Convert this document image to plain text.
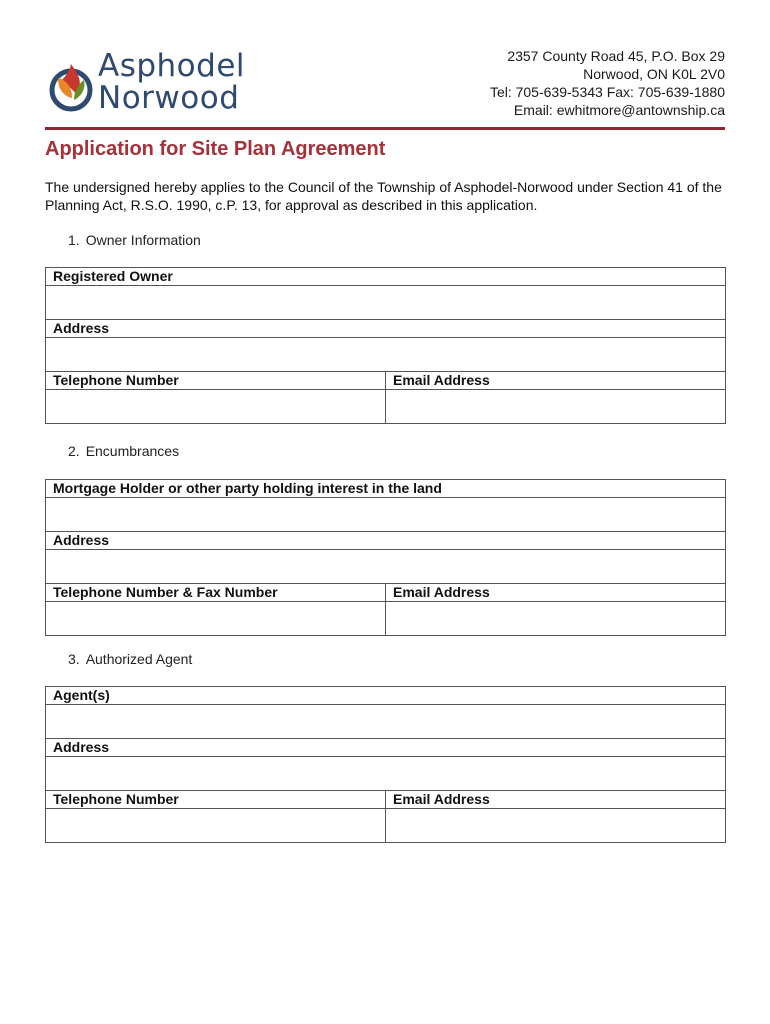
Asphodel
Norwood
2357 County Road 45, P.O. Box 29
Norwood, ON K0L 2V0
Tel: 705-639-5343 Fax: 705-639-1880
Email: ewhitmore@antownship.ca
Application for Site Plan Agreement
The undersigned hereby applies to the Council of the Township of Asphodel-Norwood under Section 41 of the Planning Act, R.S.O. 1990, c.P. 13, for approval as described in this application.
1. Owner Information
Registered Owner	

Address	

Telephone Number	Email Address

2. Encumbrances
Mortgage Holder or other party holding interest in the land	

Address	

Telephone Number & Fax Number	Email Address

3. Authorized Agent
Agent(s)	

Address	

Telephone Number	Email Address
